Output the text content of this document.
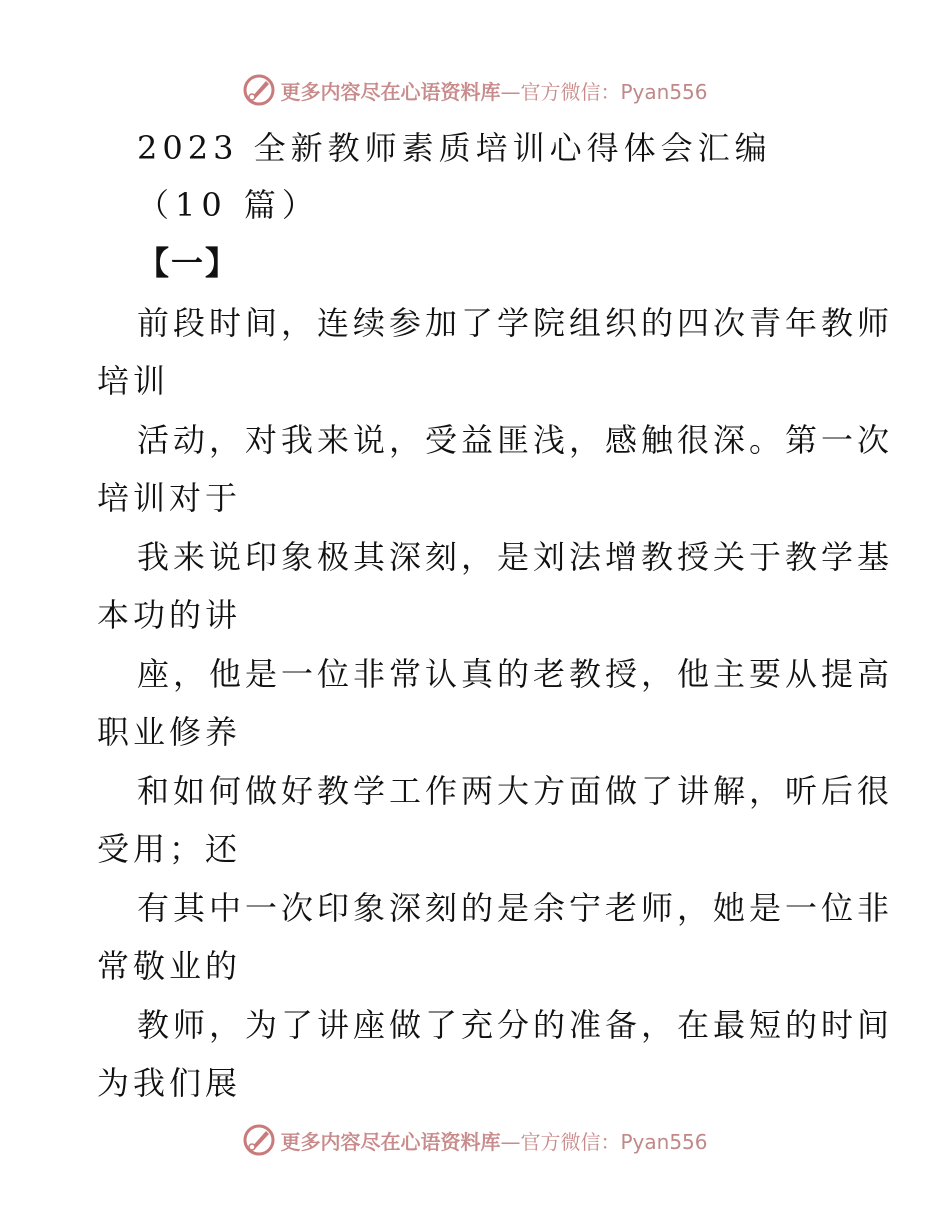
更多内容尽在心语资料库—官方微信：Pyan556
2023 全新教师素质培训心得体会汇编
（10 篇）
【一】
前段时间，连续参加了学院组织的四次青年教师
培训
活动，对我来说，受益匪浅，感触很深。第一次
培训对于
我来说印象极其深刻，是刘法增教授关于教学基
本功的讲
座，他是一位非常认真的老教授，他主要从提高
职业修养
和如何做好教学工作两大方面做了讲解，听后很
受用；还
有其中一次印象深刻的是余宁老师，她是一位非
常敬业的
教师，为了讲座做了充分的准备，在最短的时间
为我们展
更多内容尽在心语资料库—官方微信：Pyan556
